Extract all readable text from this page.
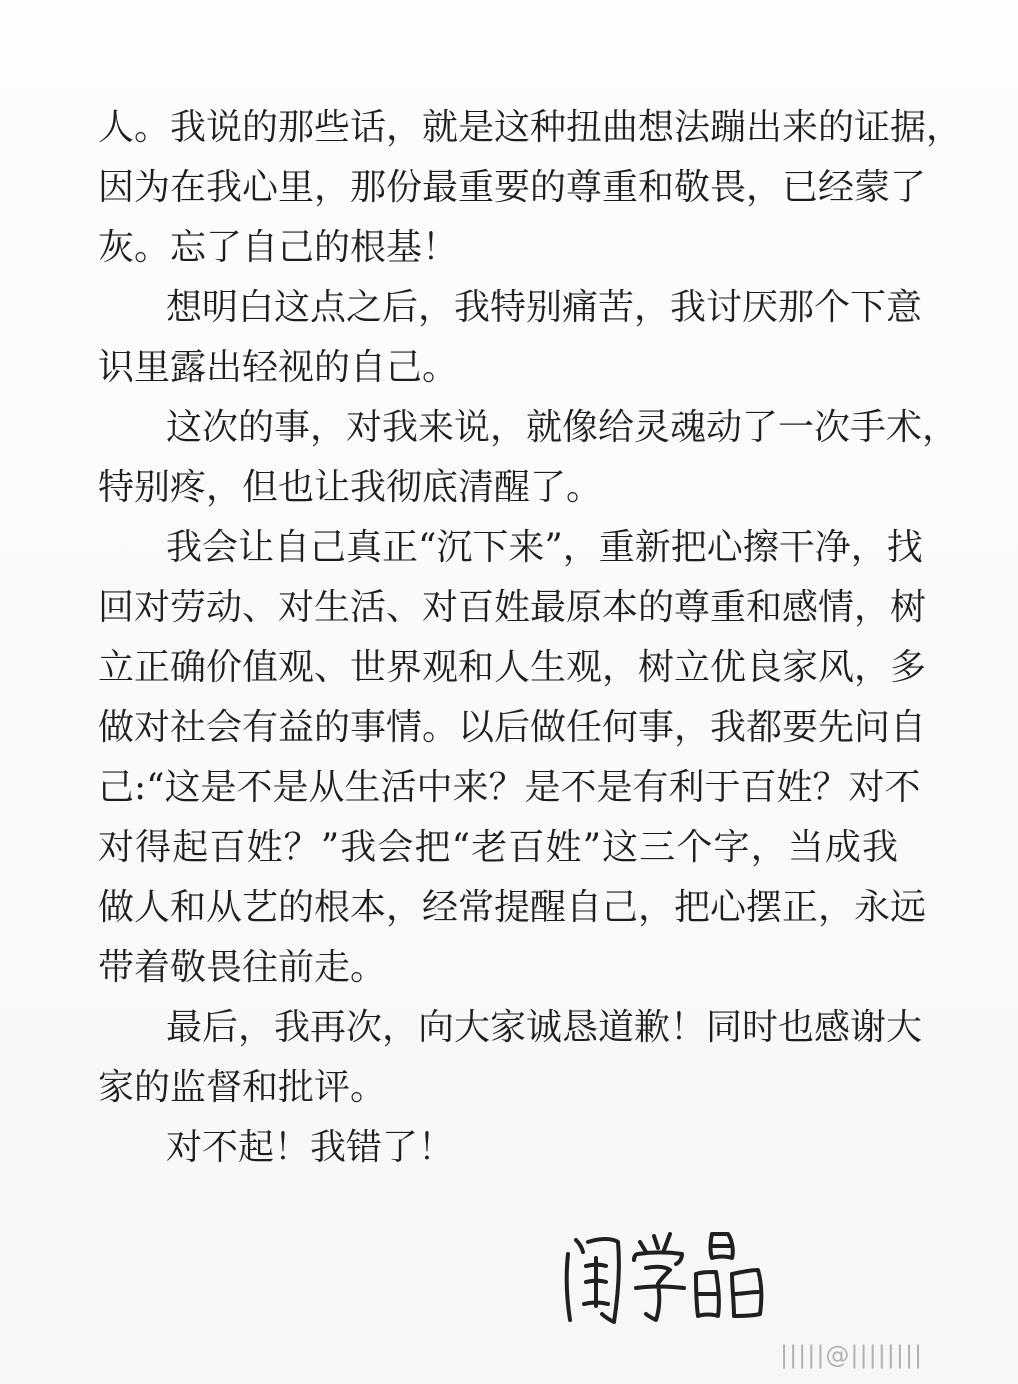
人。我说的那些话，就是这种扭曲想法蹦出来的证据，
因为在我心里，那份最重要的尊重和敬畏，已经蒙了
灰。忘了自己的根基！
想明白这点之后，我特别痛苦，我讨厌那个下意
识里露出轻视的自己。
这次的事，对我来说，就像给灵魂动了一次手术，
特别疼，但也让我彻底清醒了。
我会让自己真正“沉下来”，重新把心擦干净，找
回对劳动、对生活、对百姓最原本的尊重和感情，树
立正确价值观、世界观和人生观，树立优良家风，多
做对社会有益的事情。以后做任何事，我都要先问自
己:“这是不是从生活中来？是不是有利于百姓？对不
对得起百姓？”我会把“老百姓”这三个字，当成我
做人和从艺的根本，经常提醒自己，把心摆正，永远
带着敬畏往前走。
最后，我再次，向大家诚恳道歉！同时也感谢大
家的监督和批评。
对不起！我错了！
|||||@||||||||
